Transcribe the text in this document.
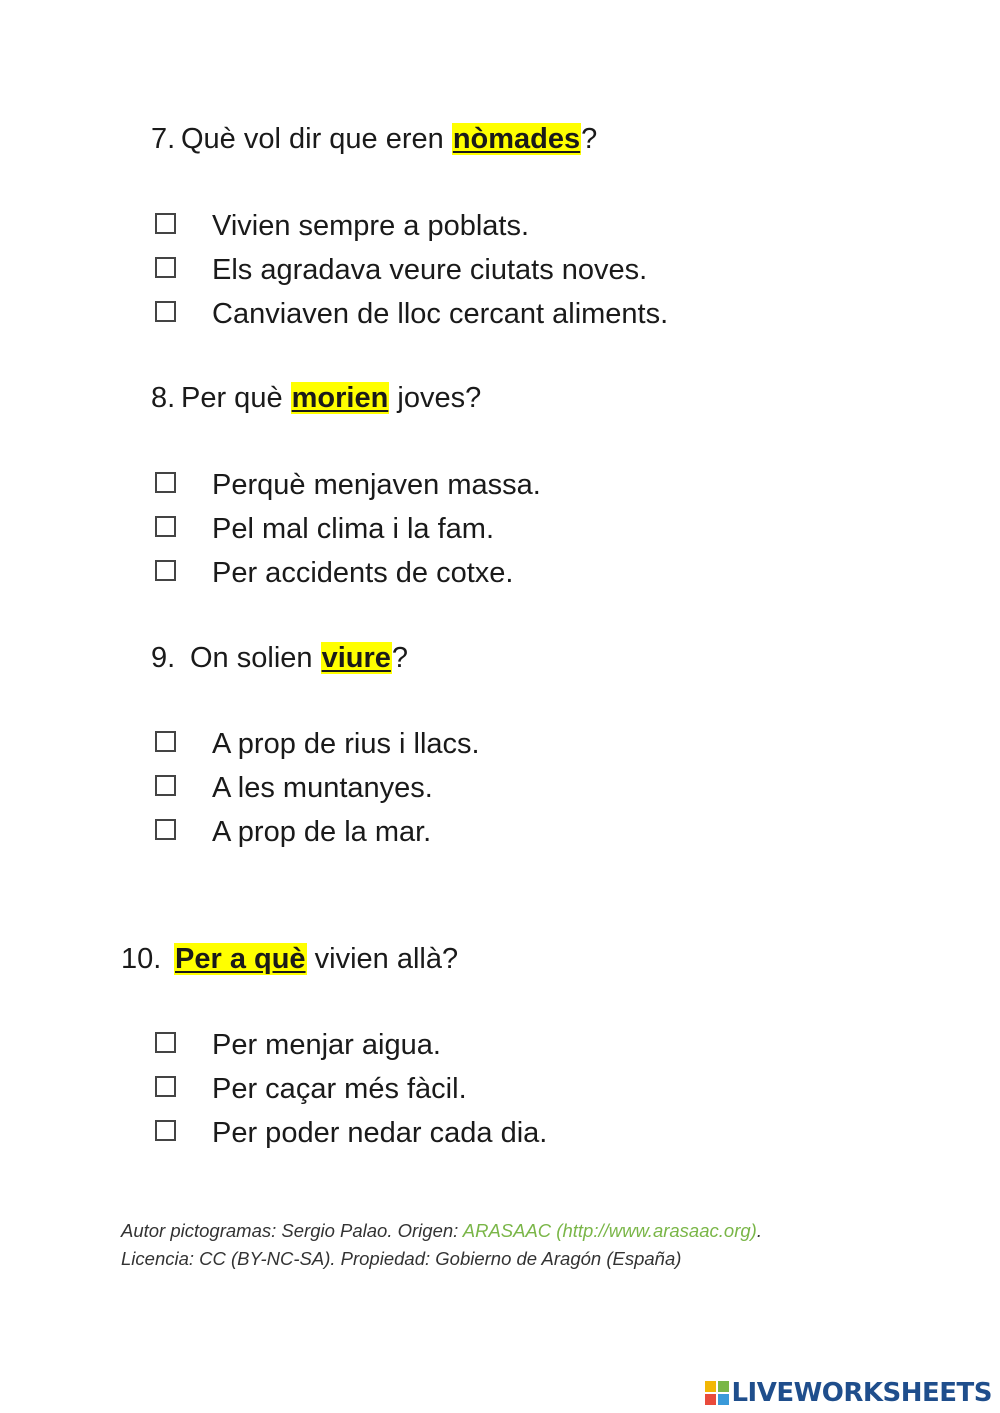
7. Què vol dir que eren nòmades?
Vivien sempre a poblats.
Els agradava veure ciutats noves.
Canviaven de lloc cercant aliments.
8. Per què morien joves?
Perquè menjaven massa.
Pel mal clima i la fam.
Per accidents de cotxe.
9. On solien viure?
A prop de rius i llacs.
A les muntanyes.
A prop de la mar.
10. Per a què vivien allà?
Per menjar aigua.
Per caçar més fàcil.
Per poder nedar cada dia.
Autor pictogramas: Sergio Palao. Origen: ARASAAC (http://www.arasaac.org).
Licencia: CC (BY-NC-SA). Propiedad: Gobierno de Aragón (España)
LIVEWORKSHEETS
